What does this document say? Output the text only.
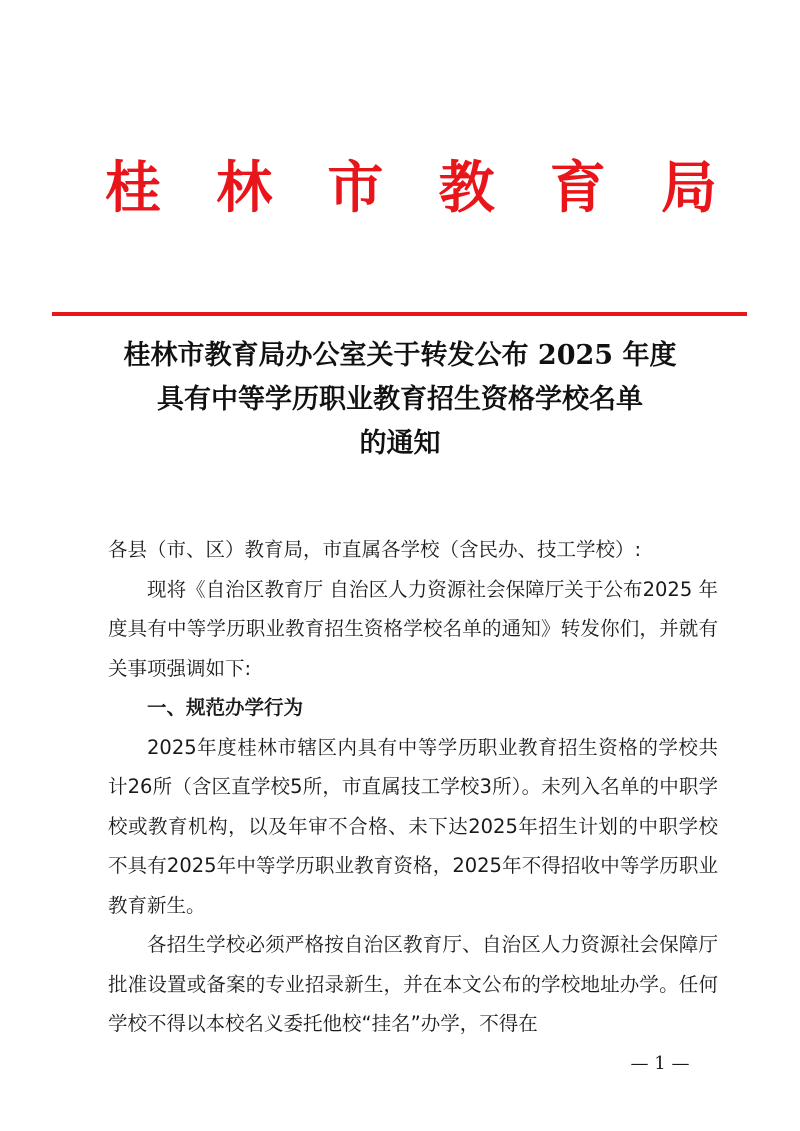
桂 林 市 教 育 局
桂林市教育局办公室关于转发公布 2025 年度
具有中等学历职业教育招生资格学校名单
的通知

各县（市、区）教育局，市直属各学校（含民办、技工学校）:

现将《自治区教育厅 自治区人力资源社会保障厅关于公布2025 年度具有中等学历职业教育招生资格学校名单的通知》转发你们，并就有关事项强调如下:

一、规范办学行为

2025年度桂林市辖区内具有中等学历职业教育招生资格的学校共计26所（含区直学校5所，市直属技工学校3所）。未列入名单的中职学校或教育机构，以及年审不合格、未下达2025年招生计划的中职学校不具有2025年中等学历职业教育资格，2025年不得招收中等学历职业教育新生。

各招生学校必须严格按自治区教育厅、自治区人力资源社会保障厅批准设置或备案的专业招录新生，并在本文公布的学校地址办学。任何学校不得以本校名义委托他校“挂名”办学，不得在

— 1 —
